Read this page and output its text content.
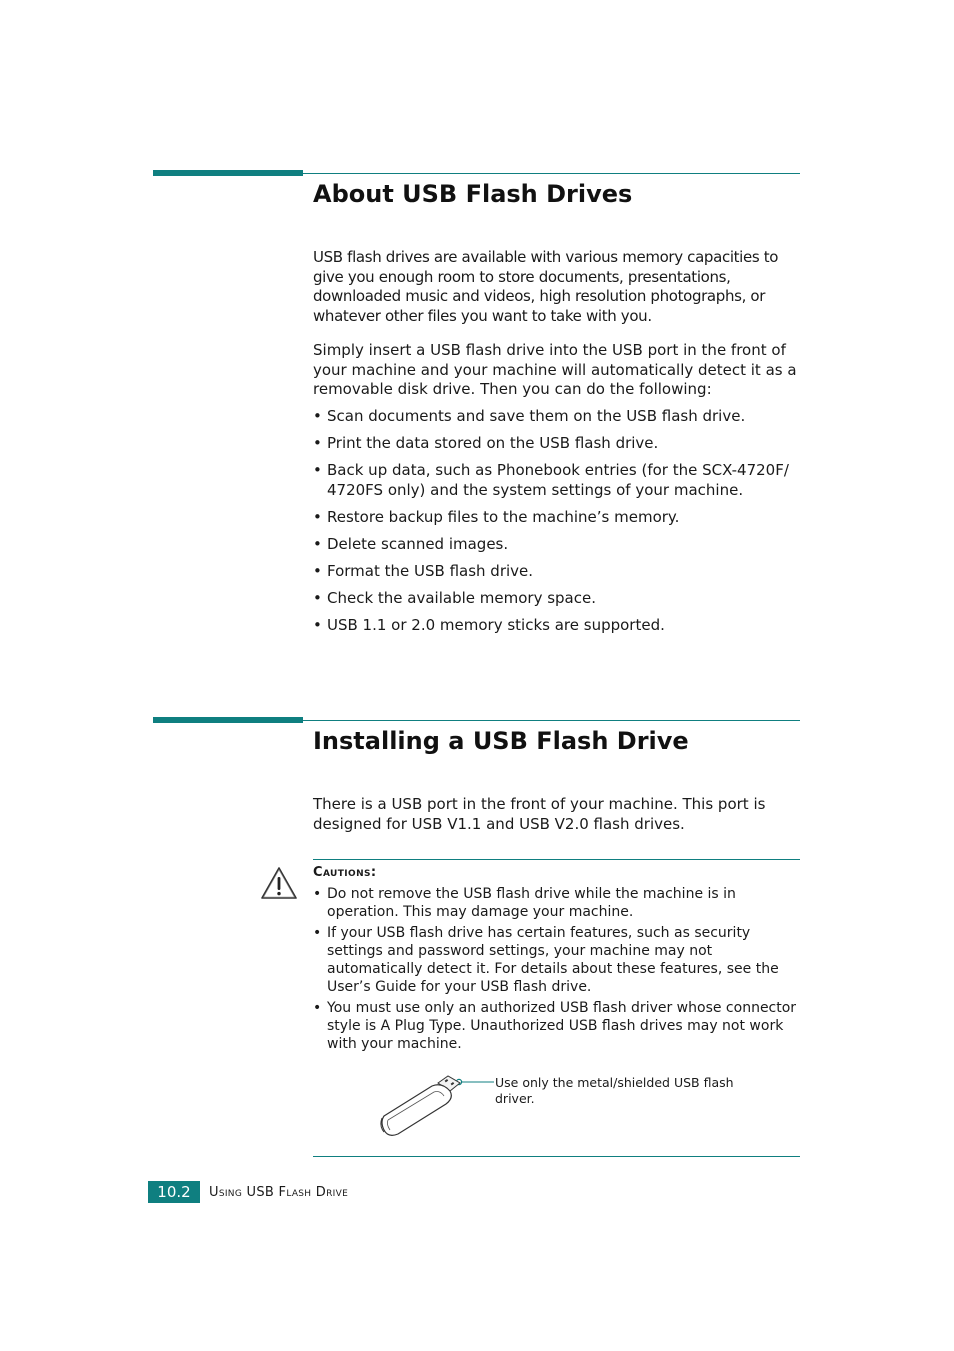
About USB Flash Drives

USB flash drives are available with various memory capacities to give you enough room to store documents, presentations, downloaded music and videos, high resolution photographs, or whatever other files you want to take with you.

Simply insert a USB flash drive into the USB port in the front of your machine and your machine will automatically detect it as a removable disk drive. Then you can do the following:

• Scan documents and save them on the USB flash drive.
• Print the data stored on the USB flash drive.
• Back up data, such as Phonebook entries (for the SCX-4720F/ 4720FS only) and the system settings of your machine.
• Restore backup files to the machine’s memory.
• Delete scanned images.
• Format the USB flash drive.
• Check the available memory space.
• USB 1.1 or 2.0 memory sticks are supported.
Installing a USB Flash Drive

There is a USB port in the front of your machine. This port is designed for USB V1.1 and USB V2.0 flash drives.

Cautions:
• Do not remove the USB flash drive while the machine is in operation. This may damage your machine.
• If your USB flash drive has certain features, such as security settings and password settings, your machine may not automatically detect it. For details about these features, see the User’s Guide for your USB flash drive.
• You must use only an authorized USB flash driver whose connector style is A Plug Type. Unauthorized USB flash drives may not work with your machine.
Use only the metal/shielded USB flash driver.
10.2	Using USB Flash Drive
